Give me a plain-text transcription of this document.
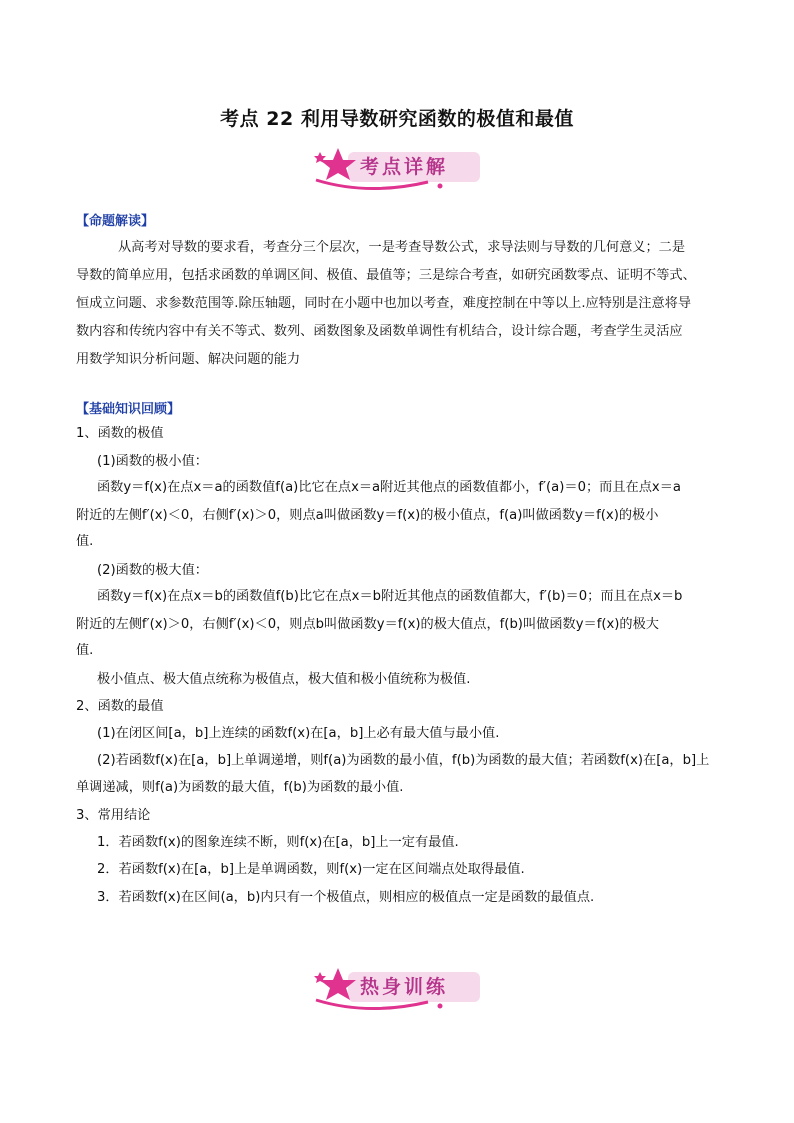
考点 22 利用导数研究函数的极值和最值
考点详解
【命题解读】
从高考对导数的要求看，考查分三个层次，一是考查导数公式，求导法则与导数的几何意义；二是
导数的简单应用，包括求函数的单调区间、极值、最值等；三是综合考查，如研究函数零点、证明不等式、
恒成立问题、求参数范围等.除压轴题，同时在小题中也加以考查，难度控制在中等以上.应特别是注意将导
数内容和传统内容中有关不等式、数列、函数图象及函数单调性有机结合，设计综合题，考查学生灵活应
用数学知识分析问题、解决问题的能力
【基础知识回顾】
1、函数的极值
(1)函数的极小值：
函数y＝f(x)在点x＝a的函数值f(a)比它在点x＝a附近其他点的函数值都小，f′(a)＝0；而且在点x＝a
附近的左侧f′(x)＜0，右侧f′(x)＞0，则点a叫做函数y＝f(x)的极小值点，f(a)叫做函数y＝f(x)的极小
值.
(2)函数的极大值：
函数y＝f(x)在点x＝b的函数值f(b)比它在点x＝b附近其他点的函数值都大，f′(b)＝0；而且在点x＝b
附近的左侧f′(x)＞0，右侧f′(x)＜0，则点b叫做函数y＝f(x)的极大值点，f(b)叫做函数y＝f(x)的极大
值.
极小值点、极大值点统称为极值点，极大值和极小值统称为极值.
2、函数的最值
(1)在闭区间[a，b]上连续的函数f(x)在[a，b]上必有最大值与最小值.
(2)若函数f(x)在[a，b]上单调递增，则f(a)为函数的最小值，f(b)为函数的最大值；若函数f(x)在[a，b]上
单调递减，则f(a)为函数的最大值，f(b)为函数的最小值.
3、常用结论
1．若函数f(x)的图象连续不断，则f(x)在[a，b]上一定有最值.
2．若函数f(x)在[a，b]上是单调函数，则f(x)一定在区间端点处取得最值.
3．若函数f(x)在区间(a，b)内只有一个极值点，则相应的极值点一定是函数的最值点.
热身训练
